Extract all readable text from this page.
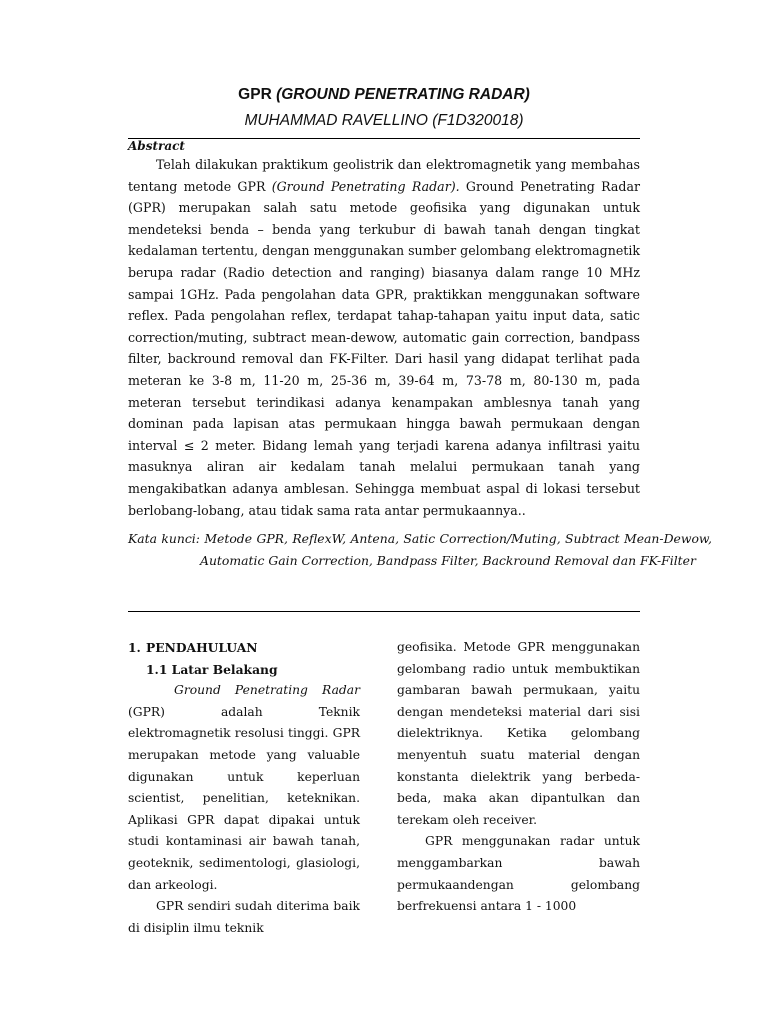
GPR (GROUND PENETRATING RADAR)
MUHAMMAD RAVELLINO (F1D320018)
Abstract

Telah dilakukan praktikum geolistrik dan elektromagnetik yang membahas tentang metode GPR (Ground Penetrating Radar). Ground Penetrating Radar (GPR) merupakan salah satu metode geofisika yang digunakan untuk mendeteksi benda – benda yang terkubur di bawah tanah dengan tingkat kedalaman tertentu, dengan menggunakan sumber gelombang elektromagnetik berupa radar (Radio detection and ranging) biasanya dalam range 10 MHz sampai 1GHz. Pada pengolahan data GPR, praktikkan menggunakan software reflex. Pada pengolahan reflex, terdapat tahap-tahapan yaitu input data, satic correction/muting, subtract mean-dewow, automatic gain correction, bandpass filter, backround removal dan FK-Filter. Dari hasil yang didapat terlihat pada meteran ke 3-8 m, 11-20 m, 25-36 m, 39-64 m, 73-78 m, 80-130 m, pada meteran tersebut terindikasi adanya kenampakan amblesnya tanah yang dominan pada lapisan atas permukaan hingga bawah permukaan dengan interval ≤ 2 meter. Bidang lemah yang terjadi karena adanya infiltrasi yaitu masuknya aliran air kedalam tanah melalui permukaan tanah yang mengakibatkan adanya amblesan. Sehingga membuat aspal di lokasi tersebut berlobang-lobang, atau tidak sama rata antar permukaannya..

Kata kunci: Metode GPR, ReflexW, Antena, Satic Correction/Muting, Subtract Mean-Dewow, Automatic Gain Correction, Bandpass Filter, Backround Removal dan FK-Filter

1. PENDAHULUAN
1.1 Latar Belakang

Ground Penetrating Radar (GPR) adalah Teknik elektromagnetik resolusi tinggi. GPR merupakan metode yang valuable digunakan untuk keperluan scientist, penelitian, keteknikan. Aplikasi GPR dapat dipakai untuk studi kontaminasi air bawah tanah, geoteknik, sedimentologi, glasiologi, dan arkeologi.

GPR sendiri sudah diterima baik di disiplin ilmu teknik

geofisika. Metode GPR menggunakan gelombang radio untuk membuktikan gambaran bawah permukaan, yaitu dengan mendeteksi material dari sisi dielektriknya. Ketika gelombang menyentuh suatu material dengan konstanta dielektrik yang berbeda-beda, maka akan dipantulkan dan terekam oleh receiver.

GPR menggunakan radar untuk menggambarkan bawah permukaandengan gelombang berfrekuensi antara 1 - 1000
